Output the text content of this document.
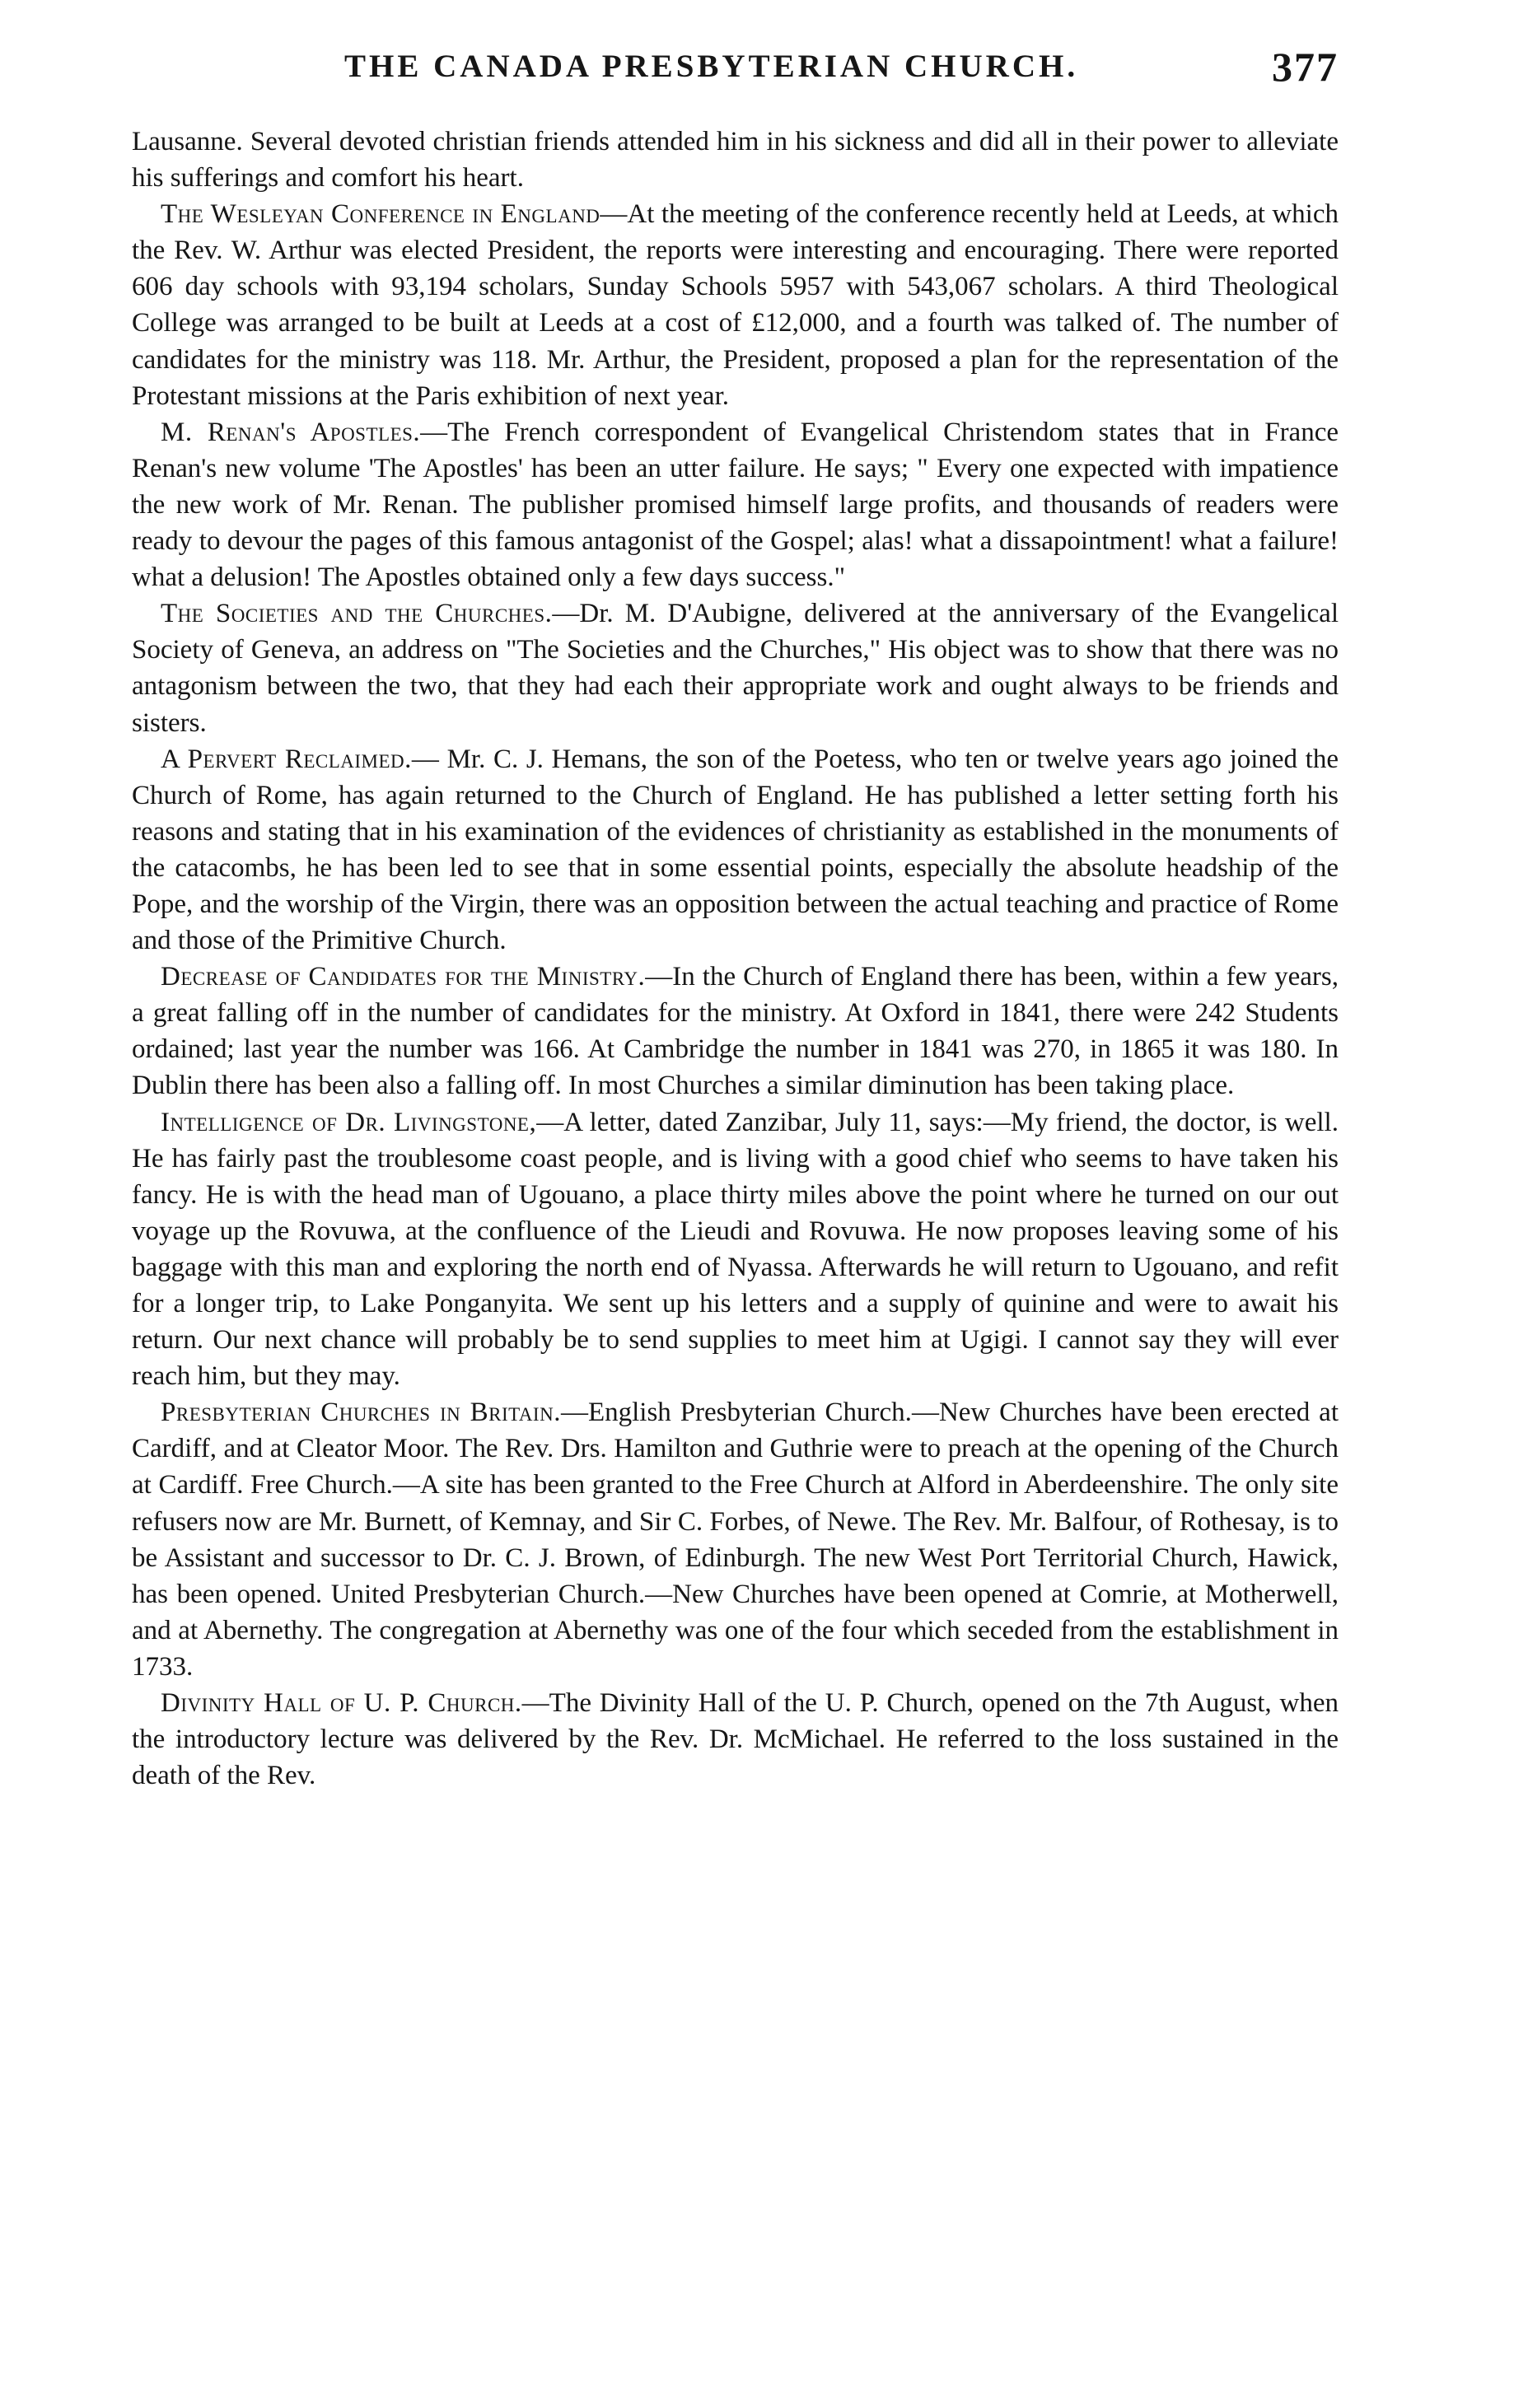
THE CANADA PRESBYTERIAN CHURCH.	377

Lausanne. Several devoted christian friends attended him in his sickness and did all in their power to alleviate his sufferings and comfort his heart.

The Wesleyan Conference in England—At the meeting of the conference recently held at Leeds, at which the Rev. W. Arthur was elected President, the reports were interesting and encouraging. There were reported 606 day schools with 93,194 scholars, Sunday Schools 5957 with 543,067 scholars. A third Theological College was arranged to be built at Leeds at a cost of £12,000, and a fourth was talked of. The number of candidates for the ministry was 118. Mr. Arthur, the President, proposed a plan for the representation of the Protestant missions at the Paris exhibition of next year.

M. Renan's Apostles.—The French correspondent of Evangelical Christendom states that in France Renan's new volume 'The Apostles' has been an utter failure. He says; " Every one expected with impatience the new work of Mr. Renan. The publisher promised himself large profits, and thousands of readers were ready to devour the pages of this famous antagonist of the Gospel; alas! what a dissapointment! what a failure! what a delusion! The Apostles obtained only a few days success."

The Societies and the Churches.—Dr. M. D'Aubigne, delivered at the anniversary of the Evangelical Society of Geneva, an address on "The Societies and the Churches," His object was to show that there was no antagonism between the two, that they had each their appropriate work and ought always to be friends and sisters.

A Pervert Reclaimed.— Mr. C. J. Hemans, the son of the Poetess, who ten or twelve years ago joined the Church of Rome, has again returned to the Church of England. He has published a letter setting forth his reasons and stating that in his examination of the evidences of christianity as established in the monuments of the catacombs, he has been led to see that in some essential points, especially the absolute headship of the Pope, and the worship of the Virgin, there was an opposition between the actual teaching and practice of Rome and those of the Primitive Church.

Decrease of Candidates for the Ministry.—In the Church of England there has been, within a few years, a great falling off in the number of candidates for the ministry. At Oxford in 1841, there were 242 Students ordained; last year the number was 166. At Cambridge the number in 1841 was 270, in 1865 it was 180. In Dublin there has been also a falling off. In most Churches a similar diminution has been taking place.

Intelligence of Dr. Livingstone,—A letter, dated Zanzibar, July 11, says:—My friend, the doctor, is well. He has fairly past the troublesome coast people, and is living with a good chief who seems to have taken his fancy. He is with the head man of Ugouano, a place thirty miles above the point where he turned on our out voyage up the Rovuwa, at the confluence of the Lieudi and Rovuwa. He now proposes leaving some of his baggage with this man and exploring the north end of Nyassa. Afterwards he will return to Ugouano, and refit for a longer trip, to Lake Ponganyita. We sent up his letters and a supply of quinine and were to await his return. Our next chance will probably be to send supplies to meet him at Ugigi. I cannot say they will ever reach him, but they may.

Presbyterian Churches in Britain.—English Presbyterian Church.—New Churches have been erected at Cardiff, and at Cleator Moor. The Rev. Drs. Hamilton and Guthrie were to preach at the opening of the Church at Cardiff. Free Church.—A site has been granted to the Free Church at Alford in Aberdeenshire. The only site refusers now are Mr. Burnett, of Kemnay, and Sir C. Forbes, of Newe. The Rev. Mr. Balfour, of Rothesay, is to be Assistant and successor to Dr. C. J. Brown, of Edinburgh. The new West Port Territorial Church, Hawick, has been opened. United Presbyterian Church.—New Churches have been opened at Comrie, at Motherwell, and at Abernethy. The congregation at Abernethy was one of the four which seceded from the establishment in 1733.

Divinity Hall of U. P. Church.—The Divinity Hall of the U. P. Church, opened on the 7th August, when the introductory lecture was delivered by the Rev. Dr. McMichael. He referred to the loss sustained in the death of the Rev.
